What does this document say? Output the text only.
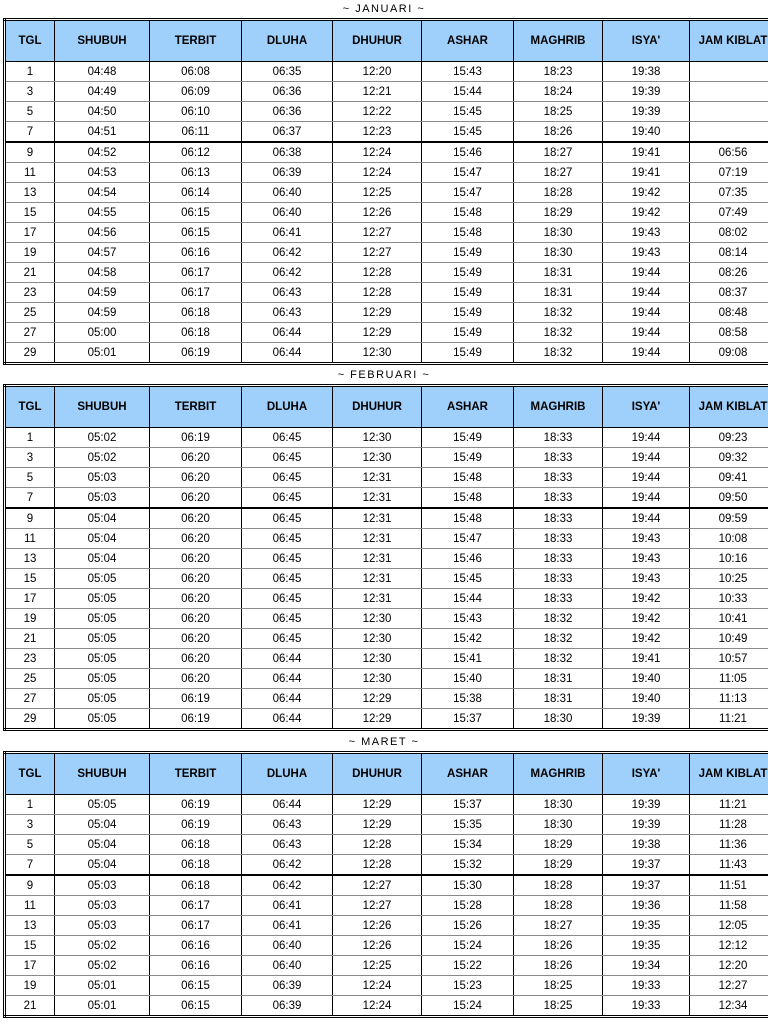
~ JANUARI ~
TGL	SHUBUH	TERBIT	DLUHA	DHUHUR	ASHAR	MAGHRIB	ISYA'	JAM KIBLAT
1	04:48	06:08	06:35	12:20	15:43	18:23	19:38	
3	04:49	06:09	06:36	12:21	15:44	18:24	19:39	
5	04:50	06:10	06:36	12:22	15:45	18:25	19:39	
7	04:51	06:11	06:37	12:23	15:45	18:26	19:40	
9	04:52	06:12	06:38	12:24	15:46	18:27	19:41	06:56
11	04:53	06:13	06:39	12:24	15:47	18:27	19:41	07:19
13	04:54	06:14	06:40	12:25	15:47	18:28	19:42	07:35
15	04:55	06:15	06:40	12:26	15:48	18:29	19:42	07:49
17	04:56	06:15	06:41	12:27	15:48	18:30	19:43	08:02
19	04:57	06:16	06:42	12:27	15:49	18:30	19:43	08:14
21	04:58	06:17	06:42	12:28	15:49	18:31	19:44	08:26
23	04:59	06:17	06:43	12:28	15:49	18:31	19:44	08:37
25	04:59	06:18	06:43	12:29	15:49	18:32	19:44	08:48
27	05:00	06:18	06:44	12:29	15:49	18:32	19:44	08:58
29	05:01	06:19	06:44	12:30	15:49	18:32	19:44	09:08
~ FEBRUARI ~
TGL	SHUBUH	TERBIT	DLUHA	DHUHUR	ASHAR	MAGHRIB	ISYA'	JAM KIBLAT
1	05:02	06:19	06:45	12:30	15:49	18:33	19:44	09:23
3	05:02	06:20	06:45	12:30	15:49	18:33	19:44	09:32
5	05:03	06:20	06:45	12:31	15:48	18:33	19:44	09:41
7	05:03	06:20	06:45	12:31	15:48	18:33	19:44	09:50
9	05:04	06:20	06:45	12:31	15:48	18:33	19:44	09:59
11	05:04	06:20	06:45	12:31	15:47	18:33	19:43	10:08
13	05:04	06:20	06:45	12:31	15:46	18:33	19:43	10:16
15	05:05	06:20	06:45	12:31	15:45	18:33	19:43	10:25
17	05:05	06:20	06:45	12:31	15:44	18:33	19:42	10:33
19	05:05	06:20	06:45	12:30	15:43	18:32	19:42	10:41
21	05:05	06:20	06:45	12:30	15:42	18:32	19:42	10:49
23	05:05	06:20	06:44	12:30	15:41	18:32	19:41	10:57
25	05:05	06:20	06:44	12:30	15:40	18:31	19:40	11:05
27	05:05	06:19	06:44	12:29	15:38	18:31	19:40	11:13
29	05:05	06:19	06:44	12:29	15:37	18:30	19:39	11:21
~ MARET ~
TGL	SHUBUH	TERBIT	DLUHA	DHUHUR	ASHAR	MAGHRIB	ISYA'	JAM KIBLAT
1	05:05	06:19	06:44	12:29	15:37	18:30	19:39	11:21
3	05:04	06:19	06:43	12:29	15:35	18:30	19:39	11:28
5	05:04	06:18	06:43	12:28	15:34	18:29	19:38	11:36
7	05:04	06:18	06:42	12:28	15:32	18:29	19:37	11:43
9	05:03	06:18	06:42	12:27	15:30	18:28	19:37	11:51
11	05:03	06:17	06:41	12:27	15:28	18:28	19:36	11:58
13	05:03	06:17	06:41	12:26	15:26	18:27	19:35	12:05
15	05:02	06:16	06:40	12:26	15:24	18:26	19:35	12:12
17	05:02	06:16	06:40	12:25	15:22	18:26	19:34	12:20
19	05:01	06:15	06:39	12:24	15:23	18:25	19:33	12:27
21	05:01	06:15	06:39	12:24	15:24	18:25	19:33	12:34
